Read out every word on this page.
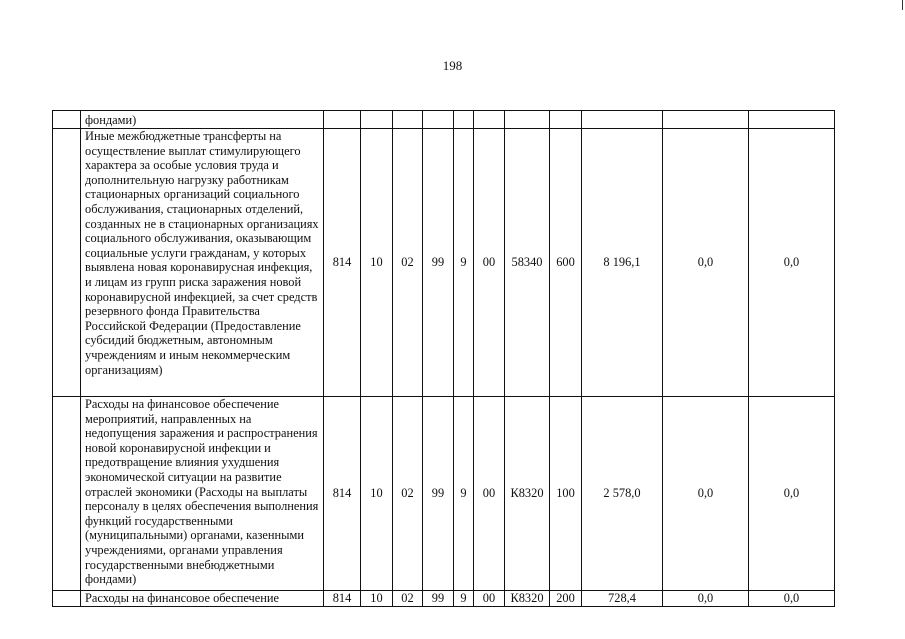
198
	фондами)											
	Иные межбюджетные трансферты на осуществление выплат стимулирующего характера за особые условия труда и дополнительную нагрузку работникам стационарных организаций социального обслуживания, стационарных отделений, созданных не в стационарных организациях социального обслуживания, оказывающим социальные услуги гражданам, у которых выявлена новая коронавирусная инфекция, и лицам из групп риска заражения новой коронавирусной инфекцией, за счет средств резервного фонда Правительства Российской Федерации (Предоставление субсидий бюджетным, автономным учреждениям и иным некоммерческим организациям)	814	10	02	99	9	00	58340	600	8 196,1	0,0	0,0
	Расходы на финансовое обеспечение мероприятий, направленных на недопущения заражения и распространения новой коронавирусной инфекции и предотвращение влияния ухудшения экономической ситуации на развитие отраслей экономики (Расходы на выплаты персоналу в целях обеспечения выполнения функций государственными (муниципальными) органами, казенными учреждениями, органами управления государственными внебюджетными фондами)	814	10	02	99	9	00	К8320	100	2 578,0	0,0	0,0
	Расходы на финансовое обеспечение	814	10	02	99	9	00	К8320	200	728,4	0,0	0,0
